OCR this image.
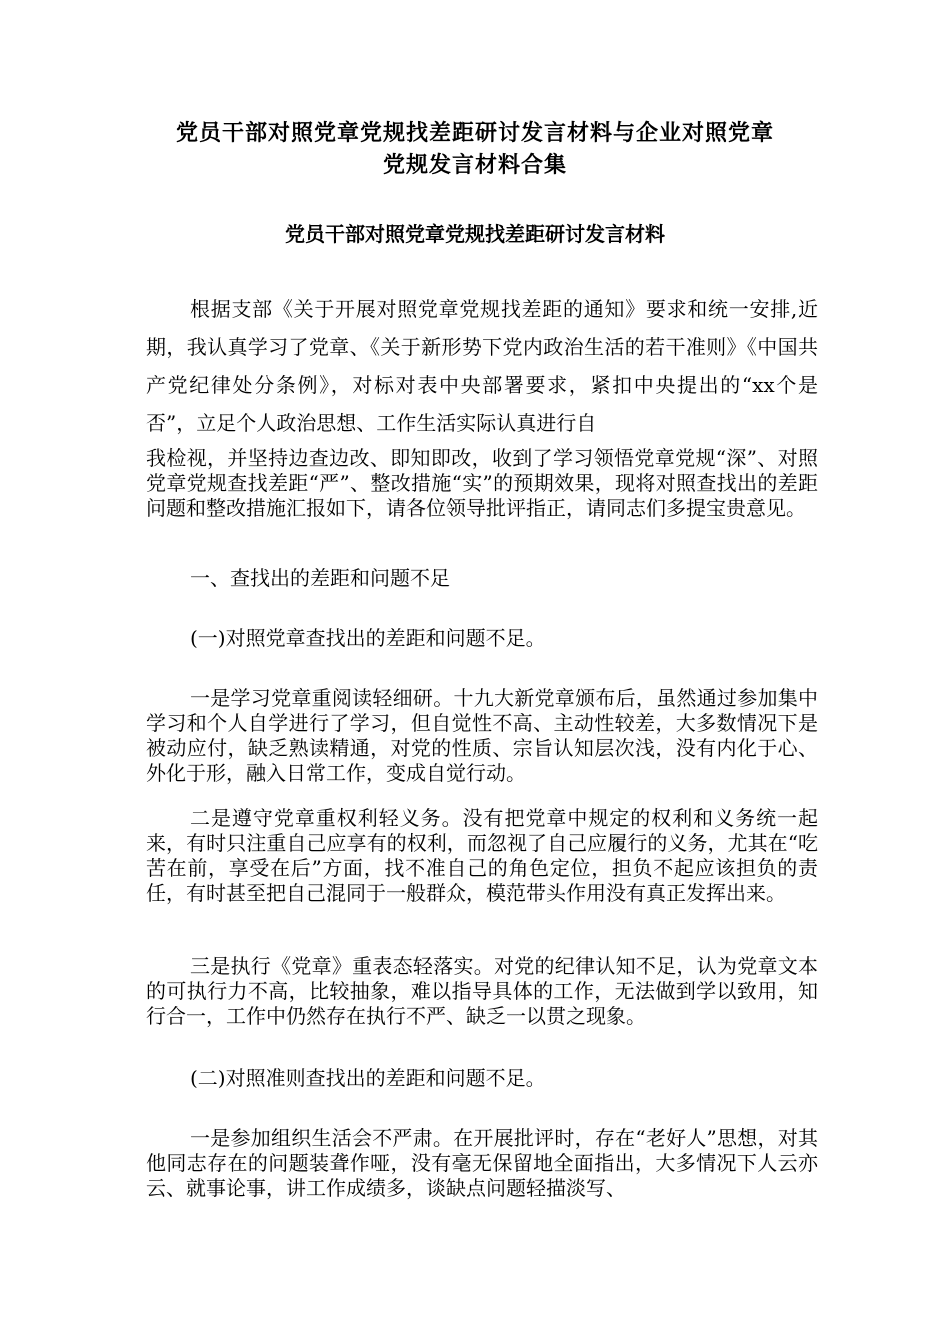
党员干部对照党章党规找差距研讨发言材料与企业对照党章
党规发言材料合集
党员干部对照党章党规找差距研讨发言材料

根据支部《关于开展对照党章党规找差距的通知》要求和统一安排,近期，我认真学习了党章、《关于新形势下党内政治生活的若干准则》《中国共产党纪律处分条例》，对标对表中央部署要求，紧扣中央提出的“xx个是否”，立足个人政治思想、工作生活实际认真进行自

我检视，并坚持边查边改、即知即改，收到了学习领悟党章党规“深”、对照党章党规查找差距“严”、整改措施“实”的预期效果，现将对照查找出的差距问题和整改措施汇报如下，请各位领导批评指正，请同志们多提宝贵意见。

一、查找出的差距和问题不足

(一)对照党章查找出的差距和问题不足。

一是学习党章重阅读轻细研。十九大新党章颁布后，虽然通过参加集中学习和个人自学进行了学习，但自觉性不高、主动性较差，大多数情况下是被动应付，缺乏熟读精通，对党的性质、宗旨认知层次浅，没有内化于心、外化于形，融入日常工作，变成自觉行动。

二是遵守党章重权利轻义务。没有把党章中规定的权利和义务统一起来，有时只注重自己应享有的权利，而忽视了自己应履行的义务，尤其在“吃苦在前，享受在后”方面，找不准自己的角色定位，担负不起应该担负的责任，有时甚至把自己混同于一般群众，模范带头作用没有真正发挥出来。

三是执行《党章》重表态轻落实。对党的纪律认知不足，认为党章文本的可执行力不高，比较抽象，难以指导具体的工作，无法做到学以致用，知行合一，工作中仍然存在执行不严、缺乏一以贯之现象。

(二)对照准则查找出的差距和问题不足。

一是参加组织生活会不严肃。在开展批评时，存在“老好人”思想，对其他同志存在的问题装聋作哑，没有毫无保留地全面指出，大多情况下人云亦云、就事论事，讲工作成绩多，谈缺点问题轻描淡写、
